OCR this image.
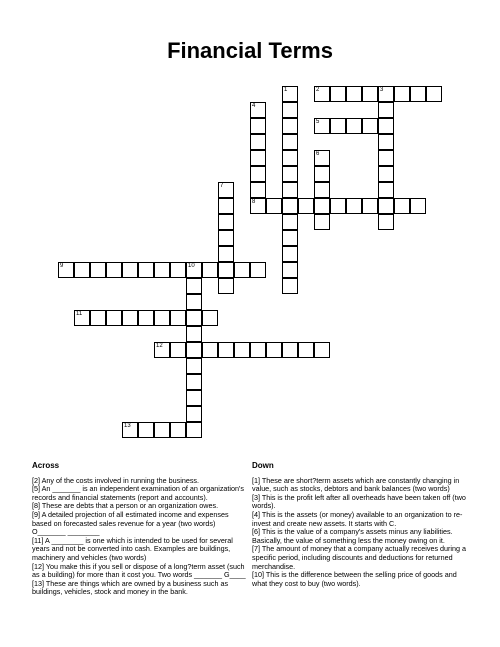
Financial Terms
1	2	3
4
5
6
7
8
9	10
11
12
13
Across

[2] Any of the costs involved in running the business.

[5] An _______ is an independent examination of an organization's records and financial statements (report and accounts).

[8] These are debts that a person or an organization owes.

[9] A detailed projection of all estimated income and expenses based on forecasted sales revenue for a year (two words) O_______ ________

[11] A ________ is one which is intended to be used for several years and not be converted into cash. Examples are buildings, machinery and vehicles (two words)

[12] You make this if you sell or dispose of a long?term asset (such as a building) for more than it cost you. Two words _______ G____

[13] These are things which are owned by a business such as buildings, vehicles, stock and money in the bank.

Down

[1] These are short?term assets which are constantly changing in value, such as stocks, debtors and bank balances (two words)

[3] This is the profit left after all overheads have been taken off (two words).

[4] This is the assets (or money) available to an organization to re-invest and create new assets. It starts with C.

[6] This is the value of a company's assets minus any liabilities. Basically, the value of something less the money owing on it.

[7] The amount of money that a company actually receives during a specific period, including discounts and deductions for returned merchandise.

[10] This is the difference between the selling price of goods and what they cost to buy (two words).
